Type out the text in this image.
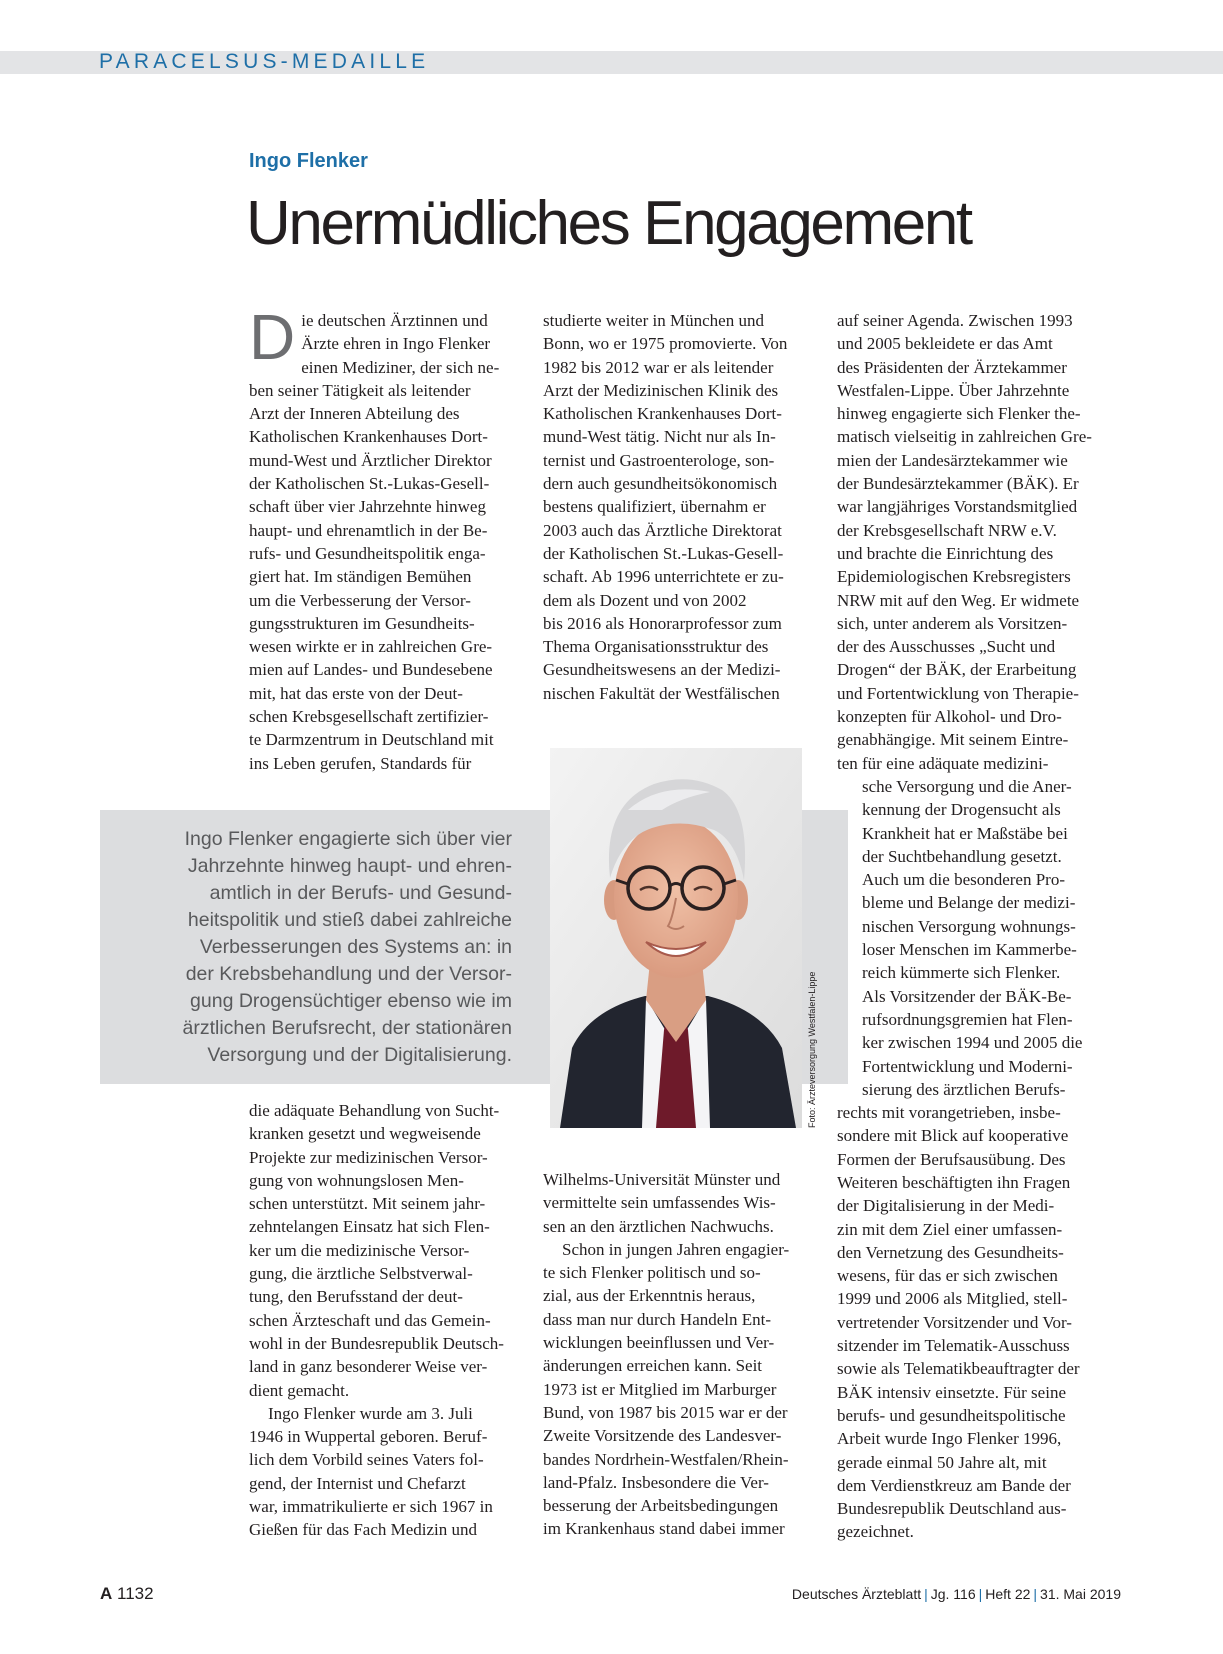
PARACELSUS-MEDAILLE
Ingo Flenker
Unermüdliches Engagement

Die deutschen Ärztinnen und
Ärzte ehren in Ingo Flenker
einen Mediziner, der sich ne-
ben seiner Tätigkeit als leitender
Arzt der Inneren Abteilung des
Katholischen Krankenhauses Dort-
mund-West und Ärztlicher Direktor
der Katholischen St.-Lukas-Gesell-
schaft über vier Jahrzehnte hinweg
haupt- und ehrenamtlich in der Be-
rufs- und Gesundheitspolitik enga-
giert hat. Im ständigen Bemühen
um die Verbesserung der Versor-
gungsstrukturen im Gesundheits-
wesen wirkte er in zahlreichen Gre-
mien auf Landes- und Bundesebene
mit, hat das erste von der Deut-
schen Krebsgesellschaft zertifizier-
te Darmzentrum in Deutschland mit
ins Leben gerufen, Standards für

die adäquate Behandlung von Sucht-
kranken gesetzt und wegweisende
Projekte zur medizinischen Versor-
gung von wohnungslosen Men-
schen unterstützt. Mit seinem jahr-
zehntelangen Einsatz hat sich Flen-
ker um die medizinische Versor-
gung, die ärztliche Selbstverwal-
tung, den Berufsstand der deut-
schen Ärzteschaft und das Gemein-
wohl in der Bundesrepublik Deutsch-
land in ganz besonderer Weise ver-
dient gemacht.

Ingo Flenker wurde am 3. Juli
1946 in Wuppertal geboren. Beruf-
lich dem Vorbild seines Vaters fol-
gend, der Internist und Chefarzt
war, immatrikulierte er sich 1967 in
Gießen für das Fach Medizin und

studierte weiter in München und
Bonn, wo er 1975 promovierte. Von
1982 bis 2012 war er als leitender
Arzt der Medizinischen Klinik des
Katholischen Krankenhauses Dort-
mund-West tätig. Nicht nur als In-
ternist und Gastroenterologe, son-
dern auch gesundheitsökonomisch
bestens qualifiziert, übernahm er
2003 auch das Ärztliche Direktorat
der Katholischen St.-Lukas-Gesell-
schaft. Ab 1996 unterrichtete er zu-
dem als Dozent und von 2002
bis 2016 als Honorarprofessor zum
Thema Organisationsstruktur des
Gesundheitswesens an der Medizi-
nischen Fakultät der Westfälischen

Wilhelms-Universität Münster und
vermittelte sein umfassendes Wis-
sen an den ärztlichen Nachwuchs.

Schon in jungen Jahren engagier-
te sich Flenker politisch und so-
zial, aus der Erkenntnis heraus,
dass man nur durch Handeln Ent-
wicklungen beeinflussen und Ver-
änderungen erreichen kann. Seit
1973 ist er Mitglied im Marburger
Bund, von 1987 bis 2015 war er der
Zweite Vorsitzende des Landesver-
bandes Nordrhein-Westfalen/Rhein-
land-Pfalz. Insbesondere die Ver-
besserung der Arbeitsbedingungen
im Krankenhaus stand dabei immer

Ingo Flenker engagierte sich über vier
Jahrzehnte hinweg haupt- und ehren-
amtlich in der Berufs- und Gesund-
heitspolitik und stieß dabei zahlreiche
Verbesserungen des Systems an: in
der Krebsbehandlung und der Versor-
gung Drogensüchtiger ebenso wie im
ärztlichen Berufsrecht, der stationären
Versorgung und der Digitalisierung.

auf seiner Agenda. Zwischen 1993
und 2005 bekleidete er das Amt
des Präsidenten der Ärztekammer
Westfalen-Lippe. Über Jahrzehnte
hinweg engagierte sich Flenker the-
matisch vielseitig in zahlreichen Gre-
mien der Landesärztekammer wie
der Bundesärztekammer (BÄK). Er
war langjähriges Vorstandsmitglied
der Krebsgesellschaft NRW e.V.
und brachte die Einrichtung des
Epidemiologischen Krebsregisters
NRW mit auf den Weg. Er widmete
sich, unter anderem als Vorsitzen-
der des Ausschusses „Sucht und
Drogen“ der BÄK, der Erarbeitung
und Fortentwicklung von Therapie-
konzepten für Alkohol- und Dro-
genabhängige. Mit seinem Eintre-
ten für eine adäquate medizini-
sche Versorgung und die Aner-
kennung der Drogensucht als
Krankheit hat er Maßstäbe bei
der Suchtbehandlung gesetzt.
Auch um die besonderen Pro-
bleme und Belange der medizi-
nischen Versorgung wohnungs-
loser Menschen im Kammerbe-
reich kümmerte sich Flenker.
Als Vorsitzender der BÄK-Be-
rufsordnungsgremien hat Flen-
ker zwischen 1994 und 2005 die
Fortentwicklung und Moderni-
sierung des ärztlichen Berufs-
rechts mit vorangetrieben, insbe-
sondere mit Blick auf kooperative
Formen der Berufsausübung. Des
Weiteren beschäftigten ihn Fragen
der Digitalisierung in der Medi-
zin mit dem Ziel einer umfassen-
den Vernetzung des Gesundheits-
wesens, für das er sich zwischen
1999 und 2006 als Mitglied, stell-
vertretender Vorsitzender und Vor-
sitzender im Telematik-Ausschuss
sowie als Telematikbeauftragter der
BÄK intensiv einsetzte. Für seine
berufs- und gesundheitspolitische
Arbeit wurde Ingo Flenker 1996,
gerade einmal 50 Jahre alt, mit
dem Verdienstkreuz am Bande der
Bundesrepublik Deutschland aus-
gezeichnet.

Foto: Ärzteversorgung Westfalen-Lippe
A 1132	Deutsches Ärzteblatt | Jg. 116 | Heft 22 | 31. Mai 2019
